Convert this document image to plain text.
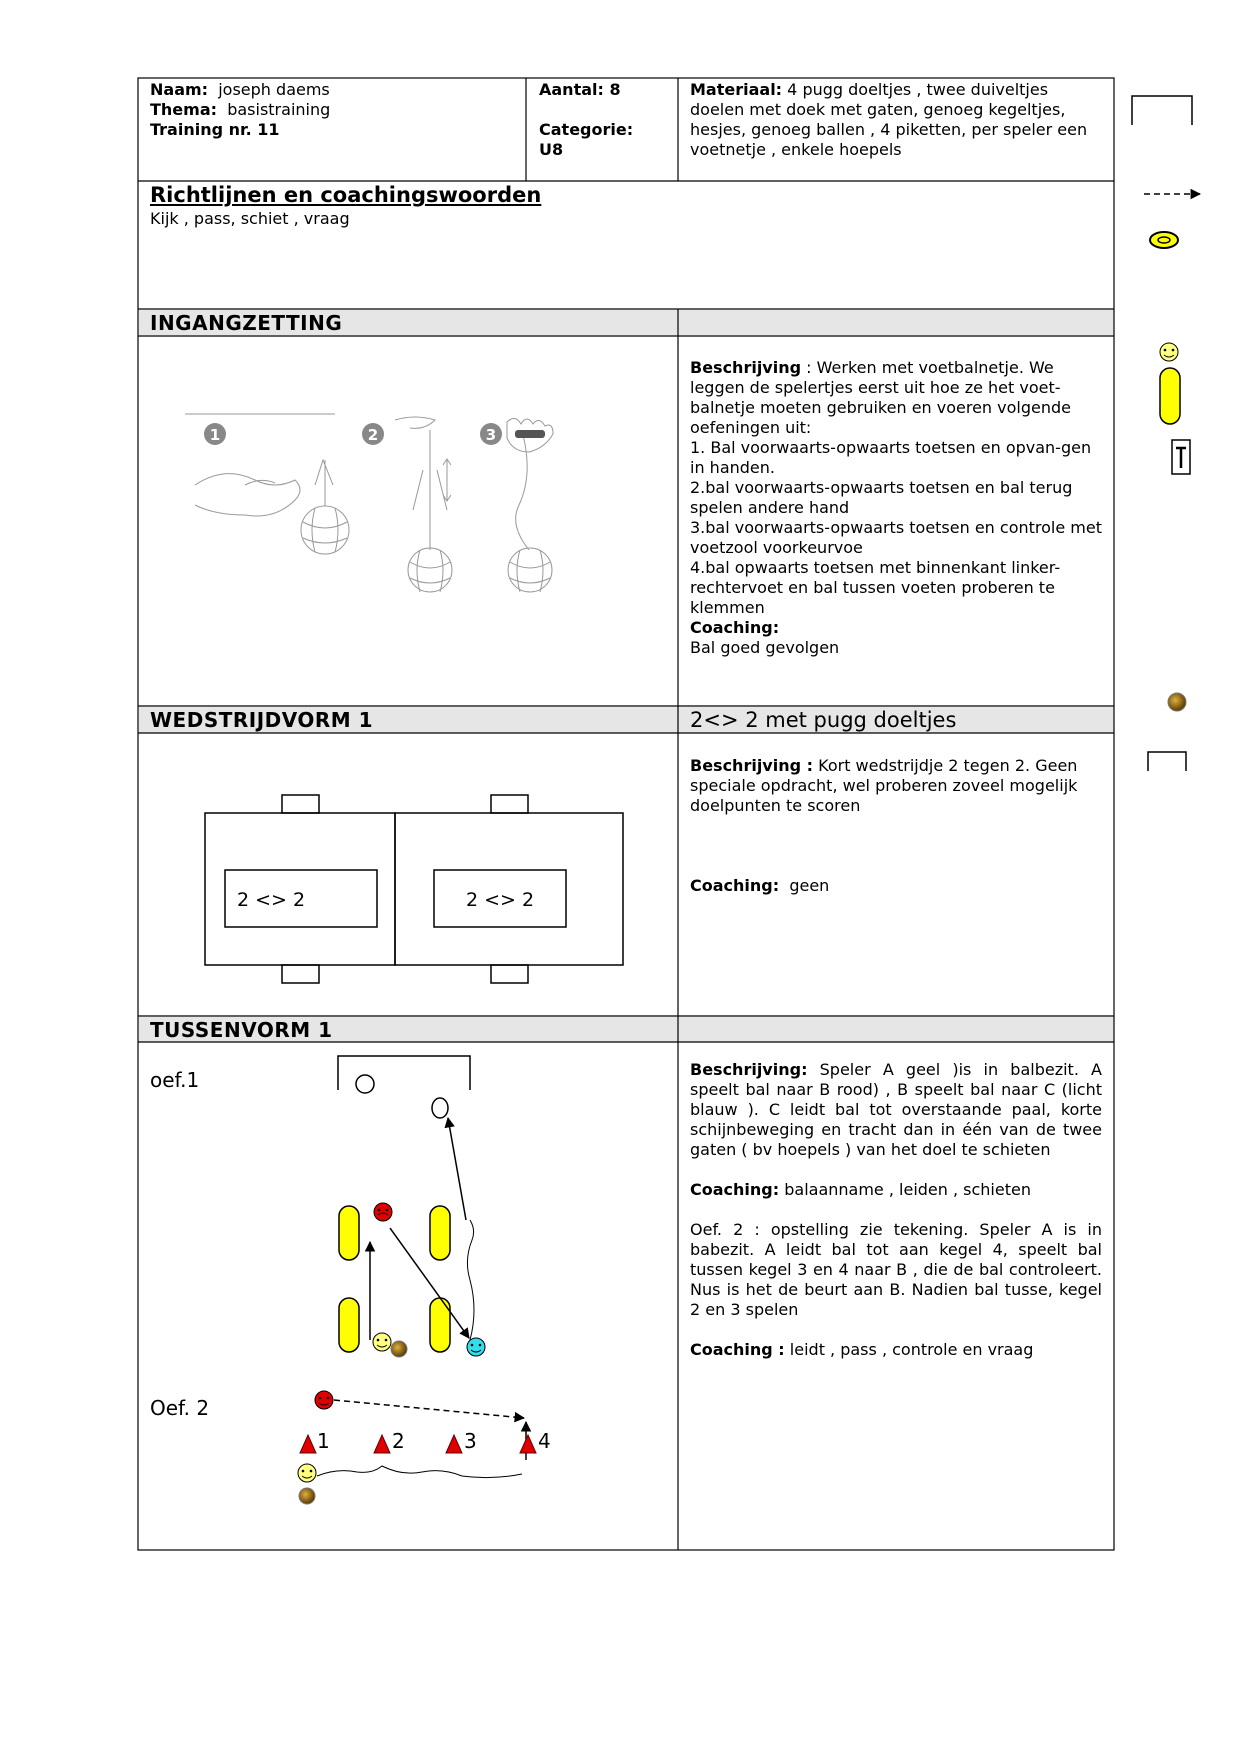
Naam: joseph daems
Thema: basistraining
Training nr. 11
Aantal: 8
Categorie:
U8
Materiaal: 4 pugg doeltjes , twee duiveltjes doelen met doek met gaten, genoeg kegeltjes, hesjes, genoeg ballen , 4 piketten, per speler een voetnetje , enkele hoepels
Richtlijnen en coachingswoorden
Kijk , pass, schiet , vraag
INGANGZETTING
1	2	3
Beschrijving : Werken met voetbalnetje. We leggen de spelertjes eerst uit hoe ze het voet-balnetje moeten gebruiken en voeren volgende oefeningen uit:
1. Bal voorwaarts-opwaarts toetsen en opvan-gen in handen.
2.bal voorwaarts-opwaarts toetsen en bal terug spelen andere hand
3.bal voorwaarts-opwaarts toetsen en controle met voetzool voorkeurvoe
4.bal opwaarts toetsen met binnenkant linker-rechtervoet en bal tussen voeten proberen te klemmen
Coaching:
Bal goed gevolgen
WEDSTRIJDVORM 1	2<> 2 met pugg doeltjes
2 <> 2	2 <> 2
Beschrijving : Kort wedstrijdje 2 tegen 2. Geen speciale opdracht, wel proberen zoveel mogelijk doelpunten te scoren
Coaching: geen
TUSSENVORM 1
oef.1
Oef. 2
1	2	3	4
Beschrijving: Speler A geel )is in balbezit. A speelt bal naar B rood) , B speelt bal naar C (licht blauw ). C leidt bal tot overstaande paal, korte schijnbeweging en tracht dan in één van de twee gaten ( bv hoepels ) van het doel te schieten
Coaching: balaanname , leiden , schieten
Oef. 2 : opstelling zie tekening. Speler A is in babezit. A leidt bal tot aan kegel 4, speelt bal tussen kegel 3 en 4 naar B , die de bal controleert. Nus is het de beurt aan B. Nadien bal tusse, kegel 2 en 3 spelen
Coaching : leidt , pass , controle en vraag
